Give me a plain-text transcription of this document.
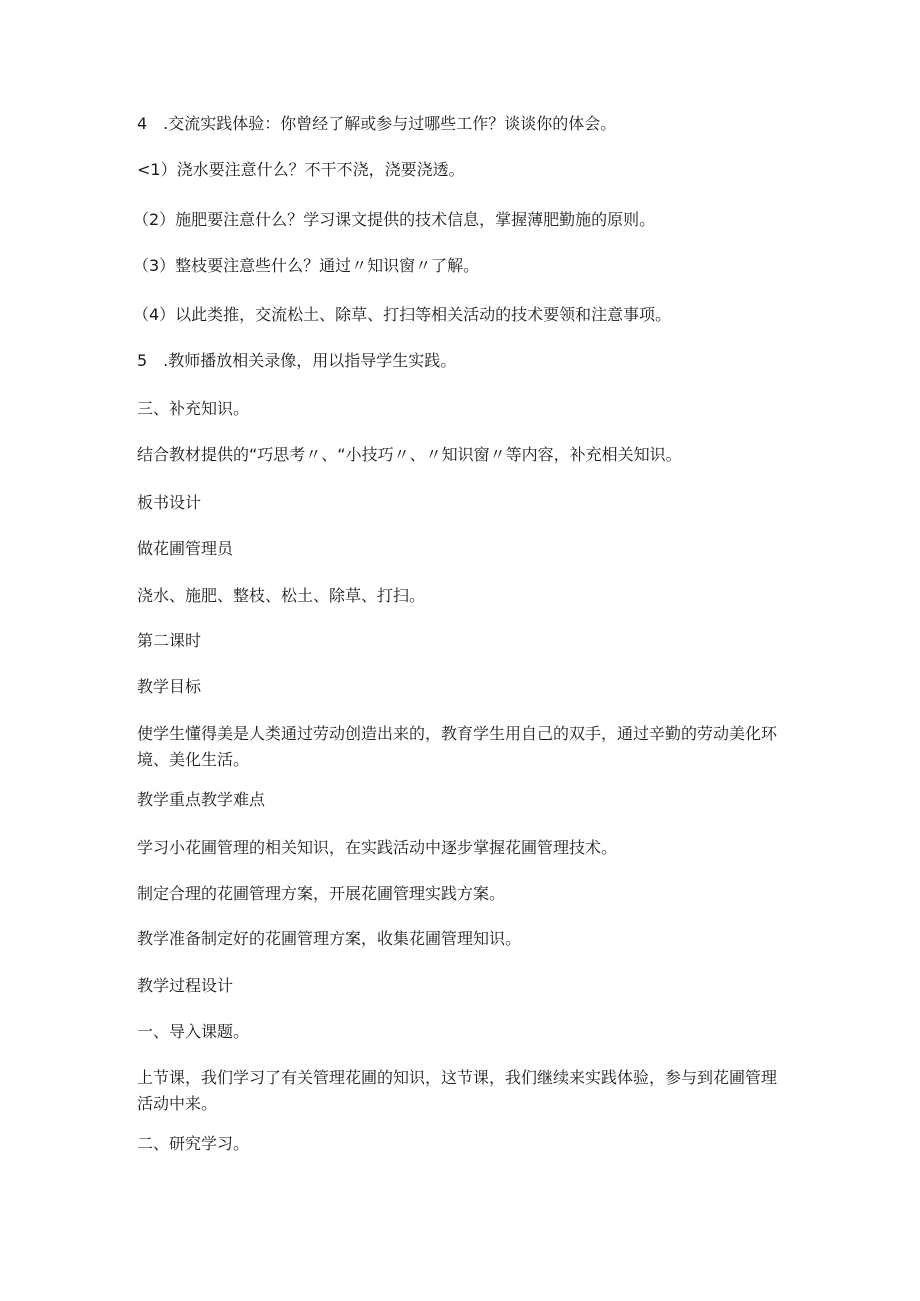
4　.交流实践体验：你曾经了解或参与过哪些工作？谈谈你的体会。
<1）浇水要注意什么？不干不浇，浇要浇透。
（2）施肥要注意什么？学习课文提供的技术信息，掌握薄肥勤施的原则。
（3）整枝要注意些什么？通过〃知识窗〃了解。
（4）以此类推，交流松土、除草、打扫等相关活动的技术要领和注意事项。
5　.教师播放相关录像，用以指导学生实践。
三、补充知识。
结合教材提供的“巧思考〃、“小技巧〃、〃知识窗〃等内容，补充相关知识。
板书设计
做花圃管理员
浇水、施肥、整枝、松土、除草、打扫。
第二课时
教学目标
使学生懂得美是人类通过劳动创造出来的，教育学生用自己的双手，通过辛勤的劳动美化环境、美化生活。
教学重点教学难点
学习小花圃管理的相关知识，在实践活动中逐步掌握花圃管理技术。
制定合理的花圃管理方案，开展花圃管理实践方案。
教学准备制定好的花圃管理方案，收集花圃管理知识。
教学过程设计
一、导入课题。
上节课，我们学习了有关管理花圃的知识，这节课，我们继续来实践体验，参与到花圃管理活动中来。
二、研究学习。
